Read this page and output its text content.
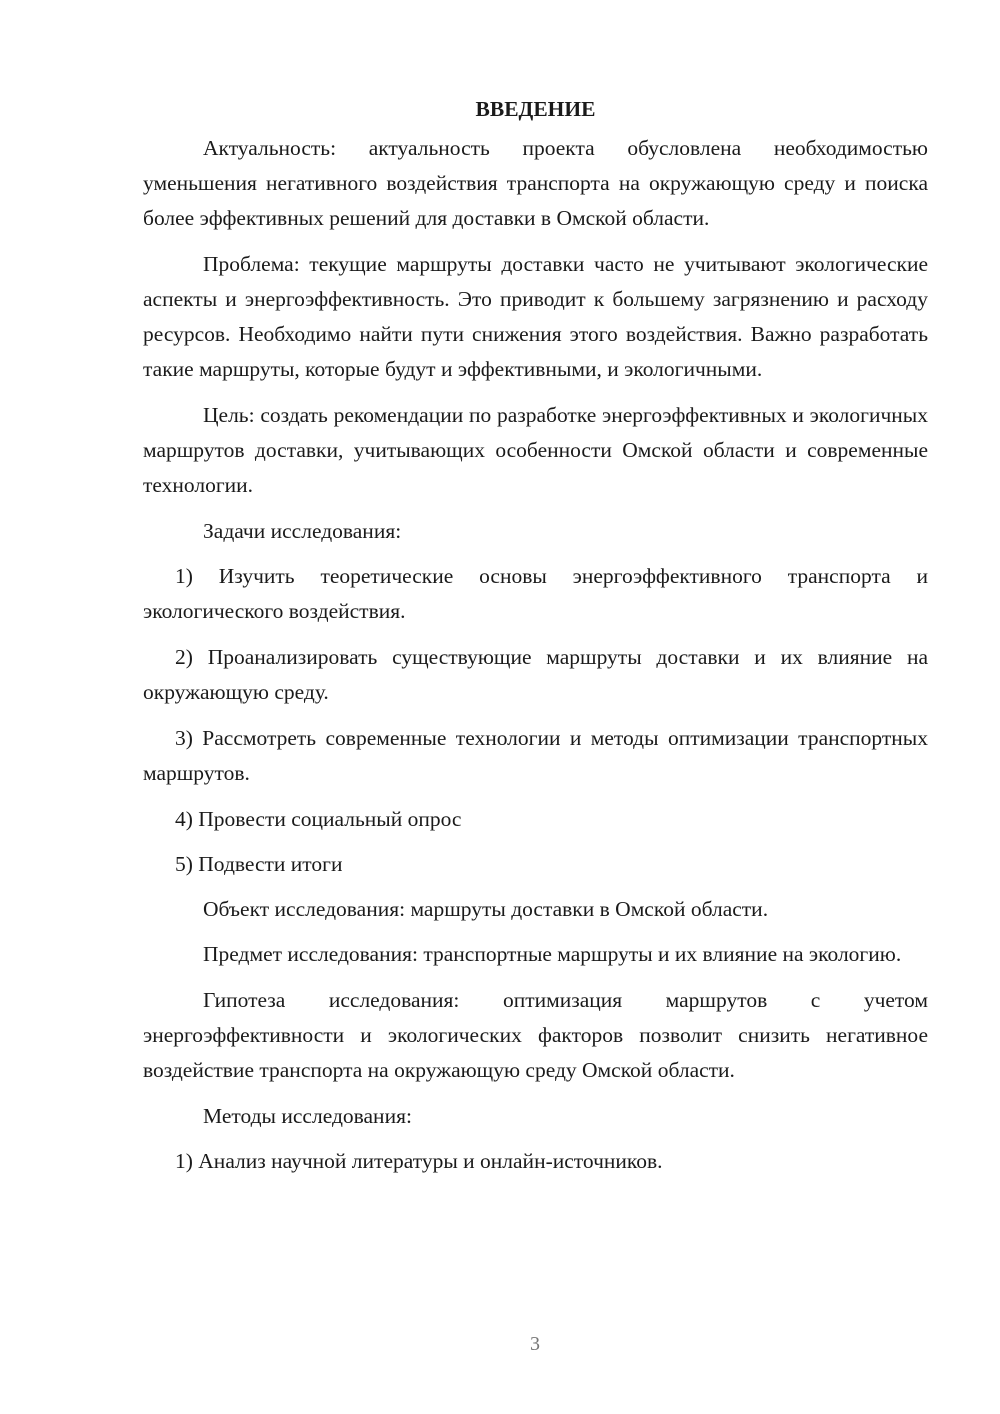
ВВЕДЕНИЕ

Актуальность: актуальность проекта обусловлена необходимостью уменьшения негативного воздействия транспорта на окружающую среду и поиска более эффективных решений для доставки в Омской области.

Проблема: текущие маршруты доставки часто не учитывают экологические аспекты и энергоэффективность. Это приводит к большему загрязнению и расходу ресурсов. Необходимо найти пути снижения этого воздействия. Важно разработать такие маршруты, которые будут и эффективными, и экологичными.

Цель: создать рекомендации по разработке энергоэффективных и экологичных маршрутов доставки, учитывающих особенности Омской области и современные технологии.

Задачи исследования:

1) Изучить теоретические основы энергоэффективного транспорта и экологического воздействия.

2) Проанализировать существующие маршруты доставки и их влияние на окружающую среду.

3) Рассмотреть современные технологии и методы оптимизации транспортных маршрутов.

4) Провести социальный опрос

5) Подвести итоги

Объект исследования: маршруты доставки в Омской области.

Предмет исследования: транспортные маршруты и их влияние на экологию.

Гипотеза исследования: оптимизация маршрутов с учетом энергоэффективности и экологических факторов позволит снизить негативное воздействие транспорта на окружающую среду Омской области.

Методы исследования:

1) Анализ научной литературы и онлайн-источников.

3
